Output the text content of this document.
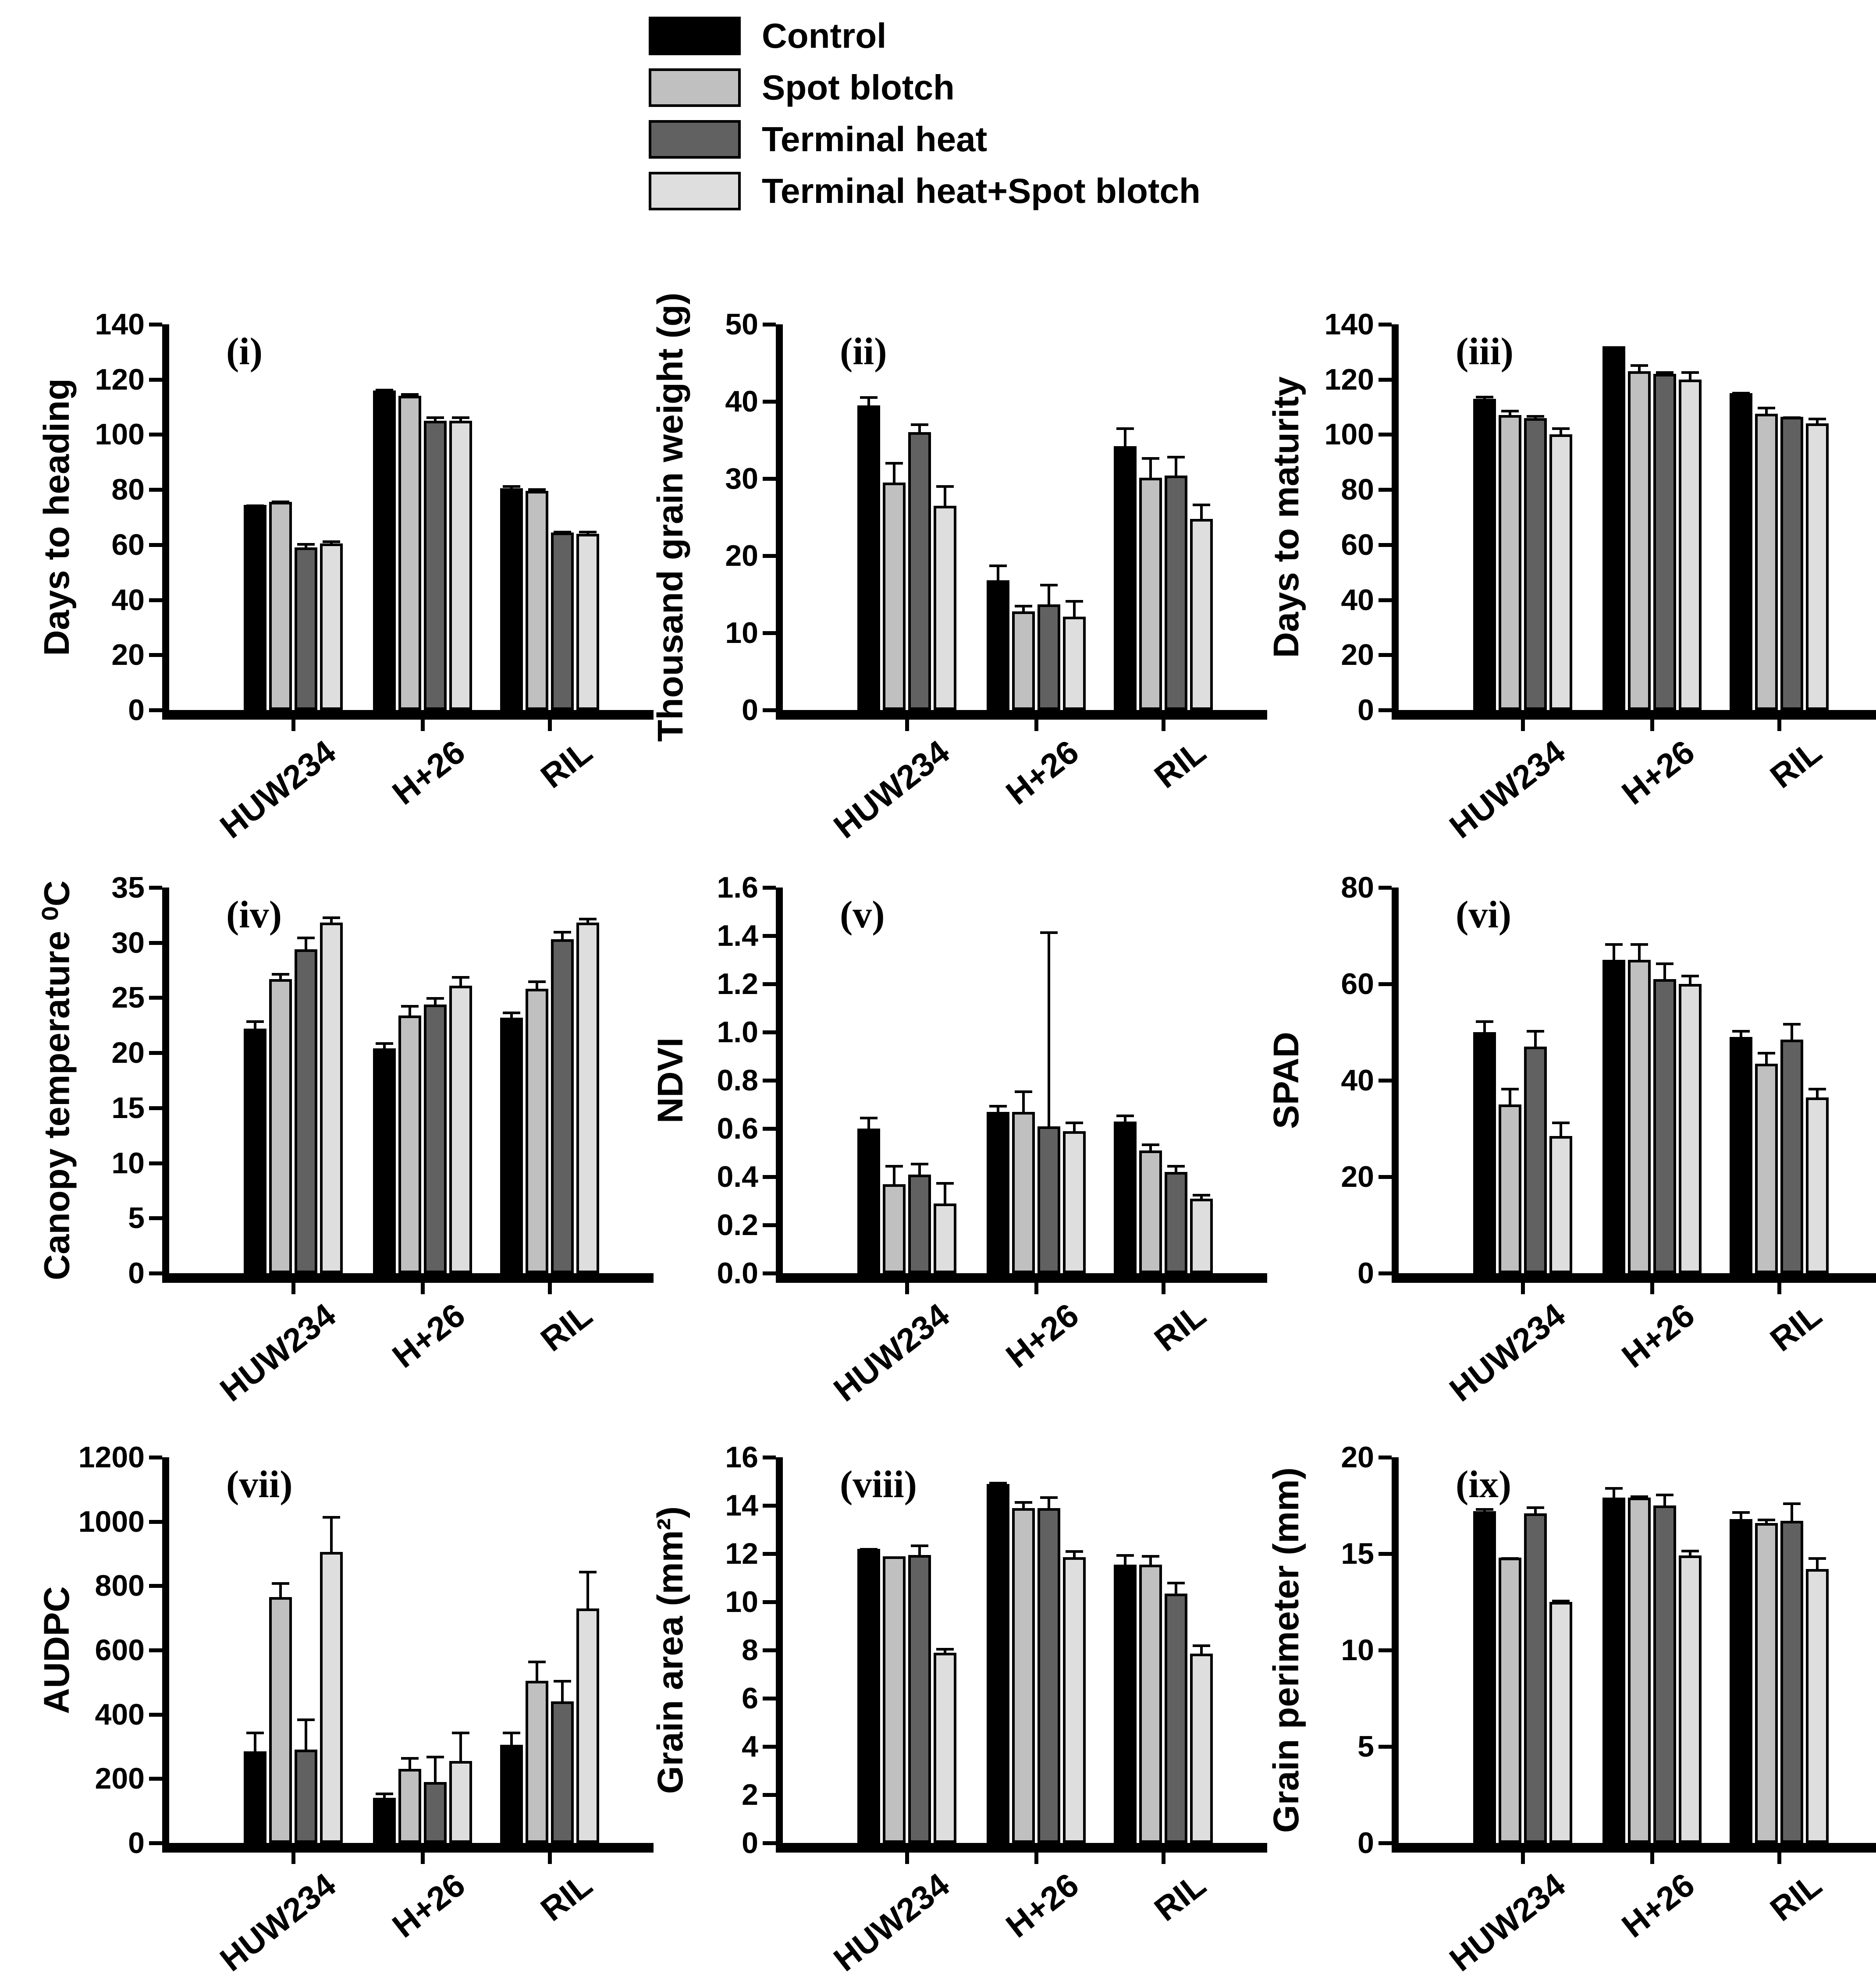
Control
Spot blotch
Terminal heat
Terminal heat+Spot blotch
Days to heading
(i)
0
20
40
60
80
100
120
140
HUW234	H+26	RIL
Thousand grain weight (g)	(ii)
0
10
20
30
40
50
HUW234	H+26	RIL
Days to maturity
(iii)
0
20
40
60
80
100
120
140
HUW234	H+26	RIL
Canopy temperature ⁰C	(iv)
0
5
10
15
20
25
30
35
HUW234	H+26	RIL
NDVI
(v)
0.0
0.2
0.4
0.6
0.8
1.0
1.2
1.4
1.6
HUW234	H+26	RIL
SPAD
(vi)
0
20
40
60
80
HUW234	H+26	RIL
AUDPC
(vii)
0
200
400
600
800
1000
1200
HUW234	H+26	RIL
Grain area (mm²)
(viii)
0
2
4
6
8
10
12
14
16
HUW234	H+26	RIL
Grain perimeter (mm)	(ix)
0
5
10
15
20
HUW234	H+26	RIL
